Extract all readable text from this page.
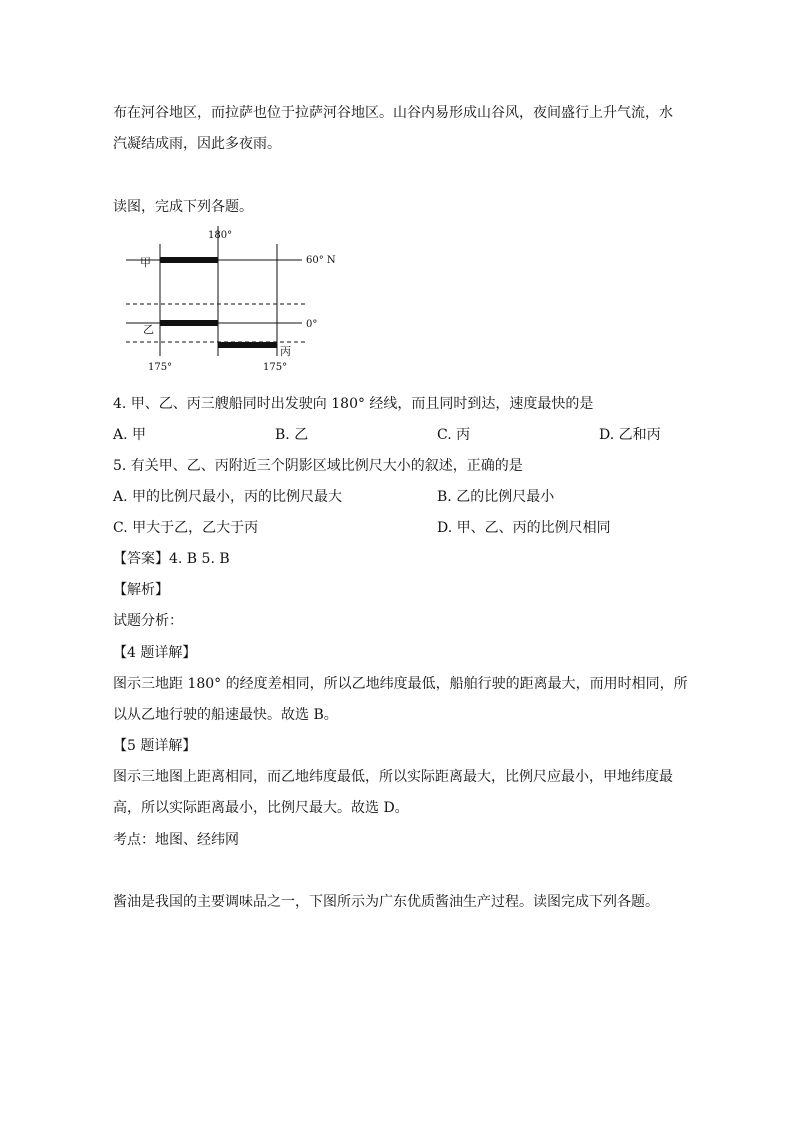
布在河谷地区，而拉萨也位于拉萨河谷地区。山谷内易形成山谷风，夜间盛行上升气流，水
汽凝结成雨，因此多夜雨。
读图，完成下列各题。
180°
60° N
0°
175°	175°
甲
乙
丙
4. 甲、乙、丙三艘船同时出发驶向 180° 经线，而且同时到达，速度最快的是
A. 甲	B. 乙	C. 丙	D. 乙和丙
5. 有关甲、乙、丙附近三个阴影区域比例尺大小的叙述，正确的是
A. 甲的比例尺最小，丙的比例尺最大	B. 乙的比例尺最小
C. 甲大于乙，乙大于丙	D. 甲、乙、丙的比例尺相同
【答案】4. B 5. B
【解析】
试题分析：
【4 题详解】
图示三地距 180° 的经度差相同，所以乙地纬度最低，船舶行驶的距离最大，而用时相同，所
以从乙地行驶的船速最快。故选 B。
【5 题详解】
图示三地图上距离相同，而乙地纬度最低，所以实际距离最大，比例尺应最小，甲地纬度最
高，所以实际距离最小，比例尺最大。故选 D。
考点：地图、经纬网
酱油是我国的主要调味品之一，下图所示为广东优质酱油生产过程。读图完成下列各题。
